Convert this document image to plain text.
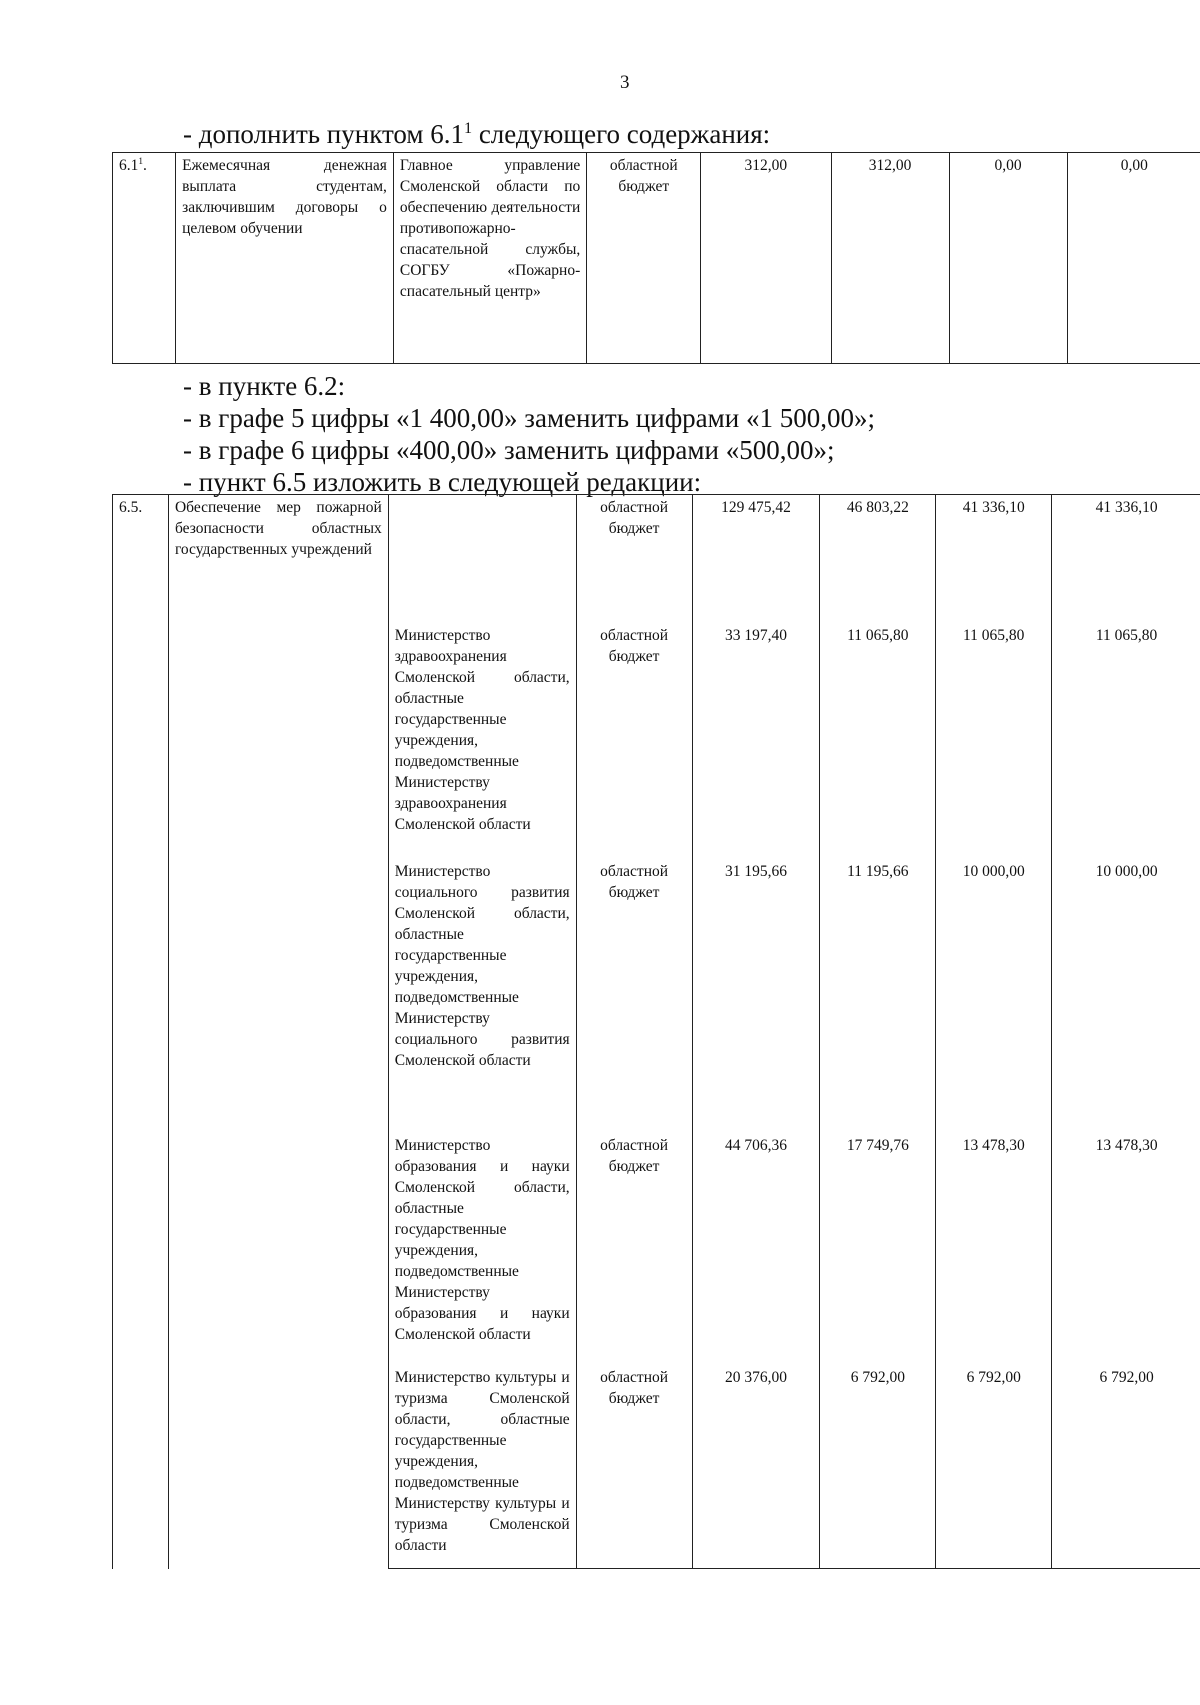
3
- дополнить пунктом $6.1^1$ следующего содержания:
$6.1^1$.	Ежемесячная денежная выплата студентам, заключившим договоры о целевом обучении	Главное управление Смоленской области по обеспечению деятельности противопожарно-спасательной службы, СОГБУ «Пожарно-спасательный центр»	областной бюджет	312,00	312,00	0,00	0,00
- в пункте 6.2:
- в графе 5 цифры «1 400,00» заменить цифрами «1 500,00»;
- в графе 6 цифры «400,00» заменить цифрами «500,00»;
- пункт 6.5 изложить в следующей редакции:
6.5.	Обеспечение мер пожарной безопасности областных государственных учреждений		областной бюджет	129 475,42	46 803,22	41 336,10	41 336,10
		Министерство здравоохранения Смоленской области, областные государственные учреждения, подведомственные Министерству здравоохранения Смоленской области	областной бюджет	33 197,40	11 065,80	11 065,80	11 065,80
		Министерство социального развития Смоленской области, областные государственные учреждения, подведомственные Министерству социального развития Смоленской области	областной бюджет	31 195,66	11 195,66	10 000,00	10 000,00
		Министерство образования и науки Смоленской области, областные государственные учреждения, подведомственные Министерству образования и науки Смоленской области	областной бюджет	44 706,36	17 749,76	13 478,30	13 478,30
		Министерство культуры и туризма Смоленской области, областные государственные учреждения, подведомственные Министерству культуры и туризма Смоленской области	областной бюджет	20 376,00	6 792,00	6 792,00	6 792,00
